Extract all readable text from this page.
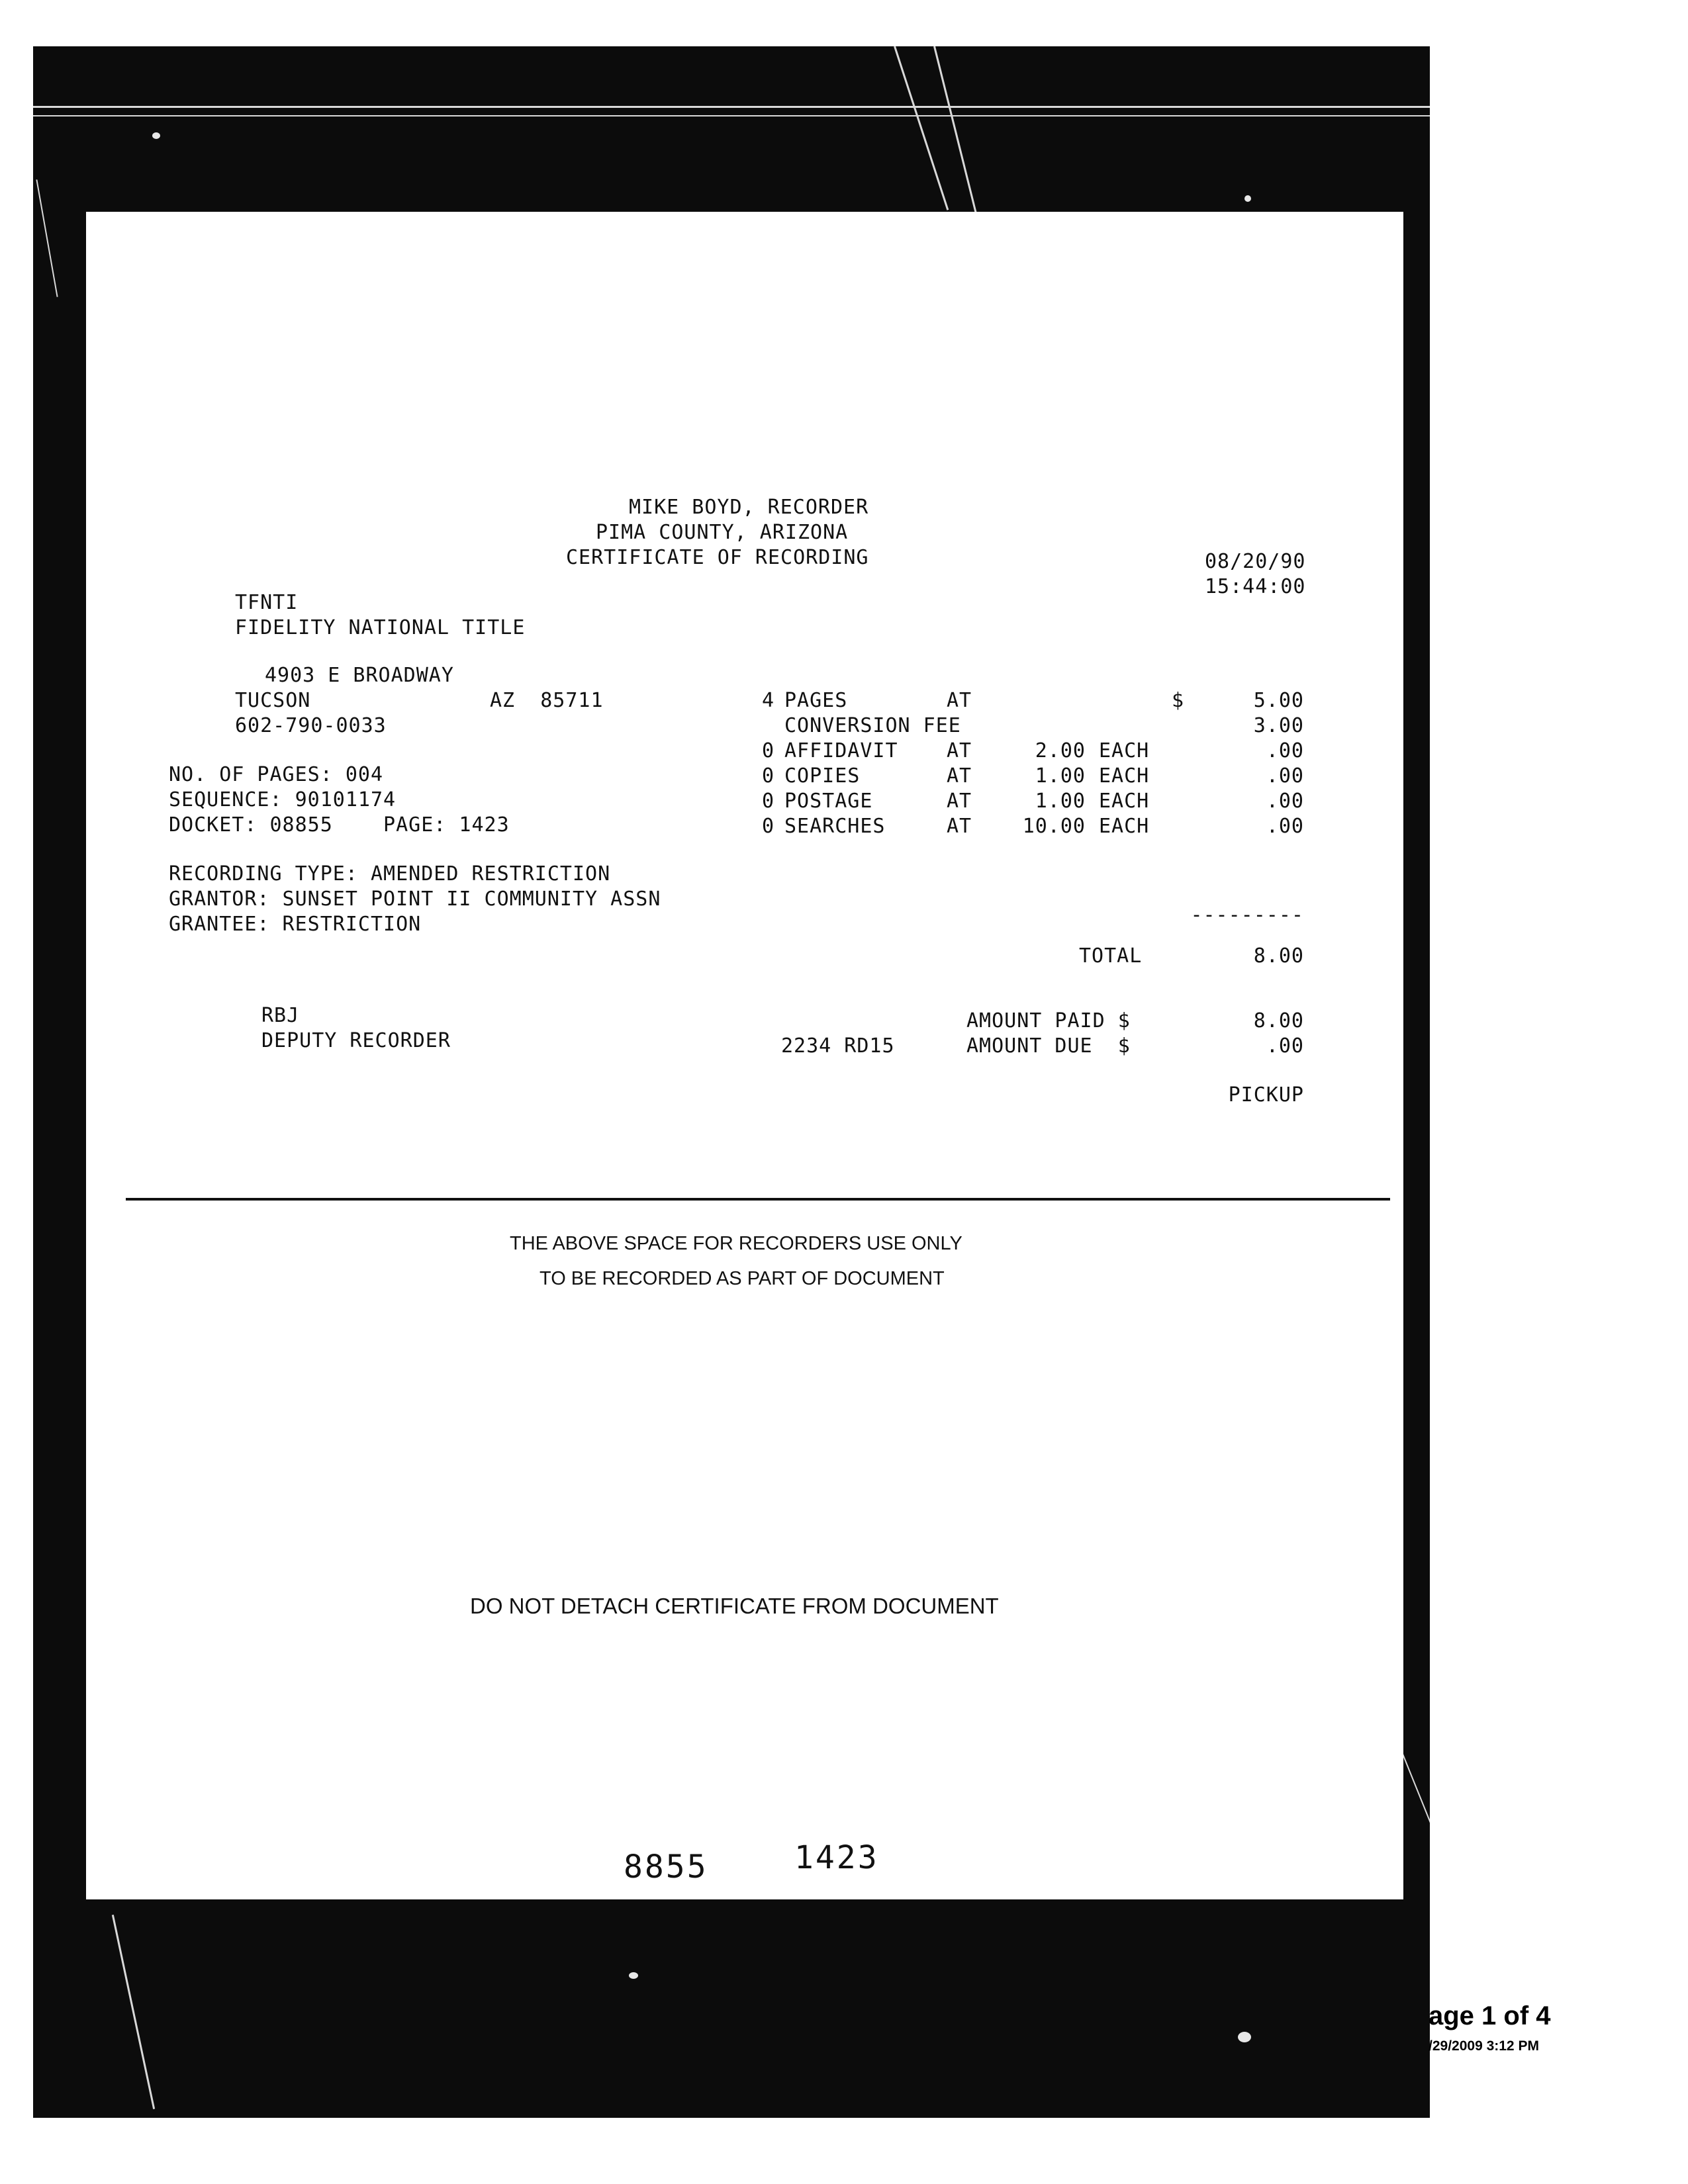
MIKE BOYD, RECORDER
PIMA COUNTY, ARIZONA
CERTIFICATE OF RECORDING	08/20/90
15:44:00
TFNTI
FIDELITY NATIONAL TITLE
4903 E BROADWAY
TUCSON	AZ  85711
602-790-0033
NO. OF PAGES: 004
SEQUENCE: 90101174
DOCKET: 08855    PAGE: 1423
RECORDING TYPE: AMENDED RESTRICTION
GRANTOR: SUNSET POINT II COMMUNITY ASSN
GRANTEE: RESTRICTION
4 PAGES	AT	$	5.00
CONVERSION FEE	3.00
0 AFFIDAVIT AT	2.00 EACH	.00
0 COPIES	AT	1.00 EACH	.00
0 POSTAGE	AT	1.00 EACH	.00
0 SEARCHES	AT	10.00 EACH	.00
---------
TOTAL	8.00
RBJ
DEPUTY RECORDER
AMOUNT PAID $	8.00
2234 RD15	AMOUNT DUE  $	.00
PICKUP
THE ABOVE SPACE FOR RECORDERS USE ONLY
TO BE RECORDED AS PART OF DOCUMENT
DO NOT DETACH CERTIFICATE FROM DOCUMENT
8855	1423
age 1 of 4
/29/2009 3:12 PM
